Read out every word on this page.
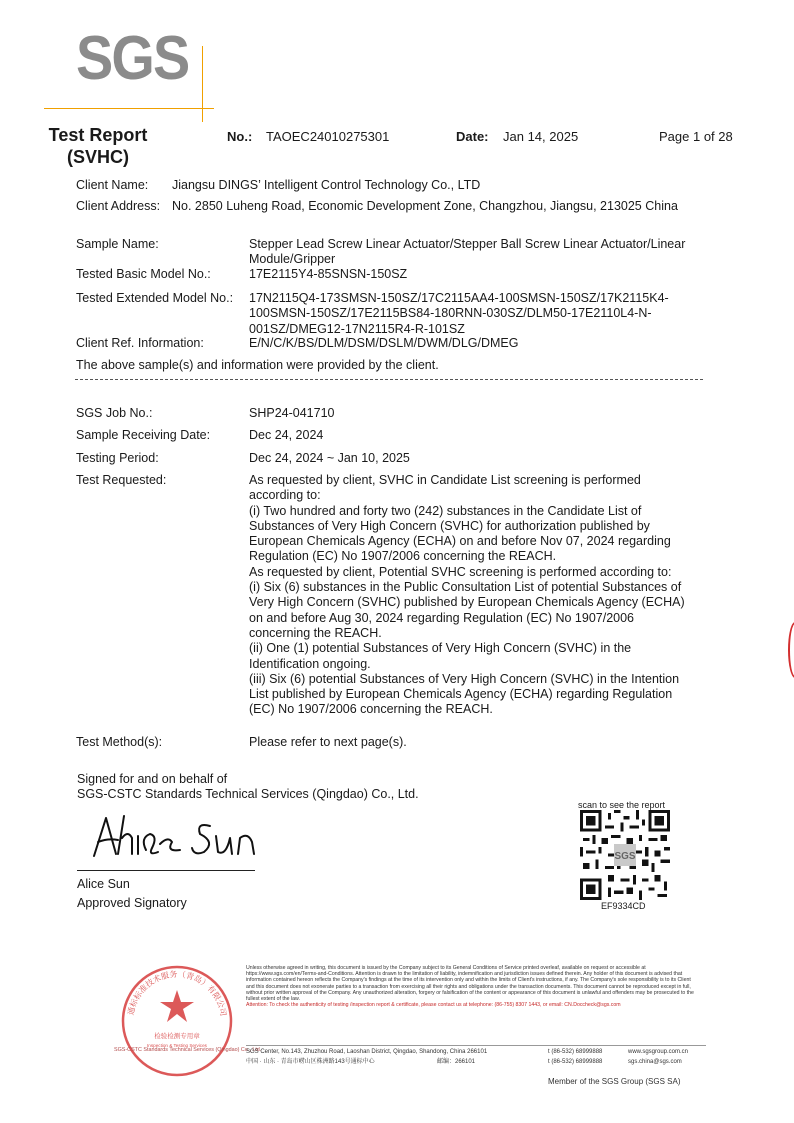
SGS
Test Report (SVHC)
No.: TAOEC24010275301	Date: Jan 14, 2025	Page 1 of 28
Client Name: Jiangsu DINGS’ Intelligent Control Technology Co., LTD
Client Address: No. 2850 Luheng Road, Economic Development Zone, Changzhou, Jiangsu, 213025 China
Sample Name:	Stepper Lead Screw Linear Actuator/Stepper Ball Screw Linear Actuator/Linear
Module/Gripper
Tested Basic Model No.:	17E2115Y4-85SNSN-150SZ
Tested Extended Model No.: 17N2115Q4-173SMSN-150SZ/17C2115AA4-100SMSN-150SZ/17K2115K4-
100SMSN-150SZ/17E2115BS84-180RNN-030SZ/DLM50-17E2110L4-N-
001SZ/DMEG12-17N2115R4-R-101SZ
Client Ref. Information:	E/N/C/K/BS/DLM/DSM/DSLM/DWM/DLG/DMEG
The above sample(s) and information were provided by the client.
SGS Job No.:	SHP24-041710
Sample Receiving Date:	Dec 24, 2024
Testing Period:	Dec 24, 2024 ~ Jan 10, 2025
Test Requested:	As requested by client, SVHC in Candidate List screening is performed
according to:
(i) Two hundred and forty two (242) substances in the Candidate List of
Substances of Very High Concern (SVHC) for authorization published by
European Chemicals Agency (ECHA) on and before Nov 07, 2024 regarding
Regulation (EC) No 1907/2006 concerning the REACH.
As requested by client, Potential SVHC screening is performed according to:
(i) Six (6) substances in the Public Consultation List of potential Substances of
Very High Concern (SVHC) published by European Chemicals Agency (ECHA)
on and before Aug 30, 2024 regarding Regulation (EC) No 1907/2006
concerning the REACH.
(ii) One (1) potential Substances of Very High Concern (SVHC) in the
Identification ongoing.
(iii) Six (6) potential Substances of Very High Concern (SVHC) in the Intention
List published by European Chemicals Agency (ECHA) regarding Regulation
(EC) No 1907/2006 concerning the REACH.
Test Method(s):	Please refer to next page(s).
Signed for and on behalf of
SGS-CSTC Standards Technical Services (Qingdao) Co., Ltd.
Alice Sun
Approved Signatory
scan to see the report
SGS
EF9334CD
通标标准技术服务（青岛）有限公司
检验检测专用章
Inspection & Testing Services
SGS-CSTC Standards Technical Services (Qingdao) Co., Ltd.
Unless otherwise agreed in writing, this document is issued by the Company subject to its General Conditions of Service printed overleaf, available on request or accessible at https://www.sgs.com/en/Terms-and-Conditions. Attention is drawn to the limitation of liability, indemnification and jurisdiction issues defined therein. Any holder of this document is advised that information contained hereon reflects the Company's findings at the time of its intervention only and within the limits of Client's instructions, if any. The Company's sole responsibility is to its Client and this document does not exonerate parties to a transaction from exercising all their rights and obligations under the transaction documents. This document cannot be reproduced except in full, without prior written approval of the Company. Any unauthorized alteration, forgery or falsification of the content or appearance of this document is unlawful and offenders may be prosecuted to the fullest extent of the law.
Attention: To check the authenticity of testing /inspection report & certificate, please contact us at telephone: (86-755) 8307 1443, or email: CN.Doccheck@sgs.com
SGS Center, No.143, Zhuzhou Road, Laoshan District, Qingdao, Shandong, China 266101
中国 · 山东 · 青岛市崂山区株洲路143号通标中心	邮编：266101
t (86-532) 68999888
t (86-532) 68999888
www.sgsgroup.com.cn
sgs.china@sgs.com
Member of the SGS Group (SGS SA)
